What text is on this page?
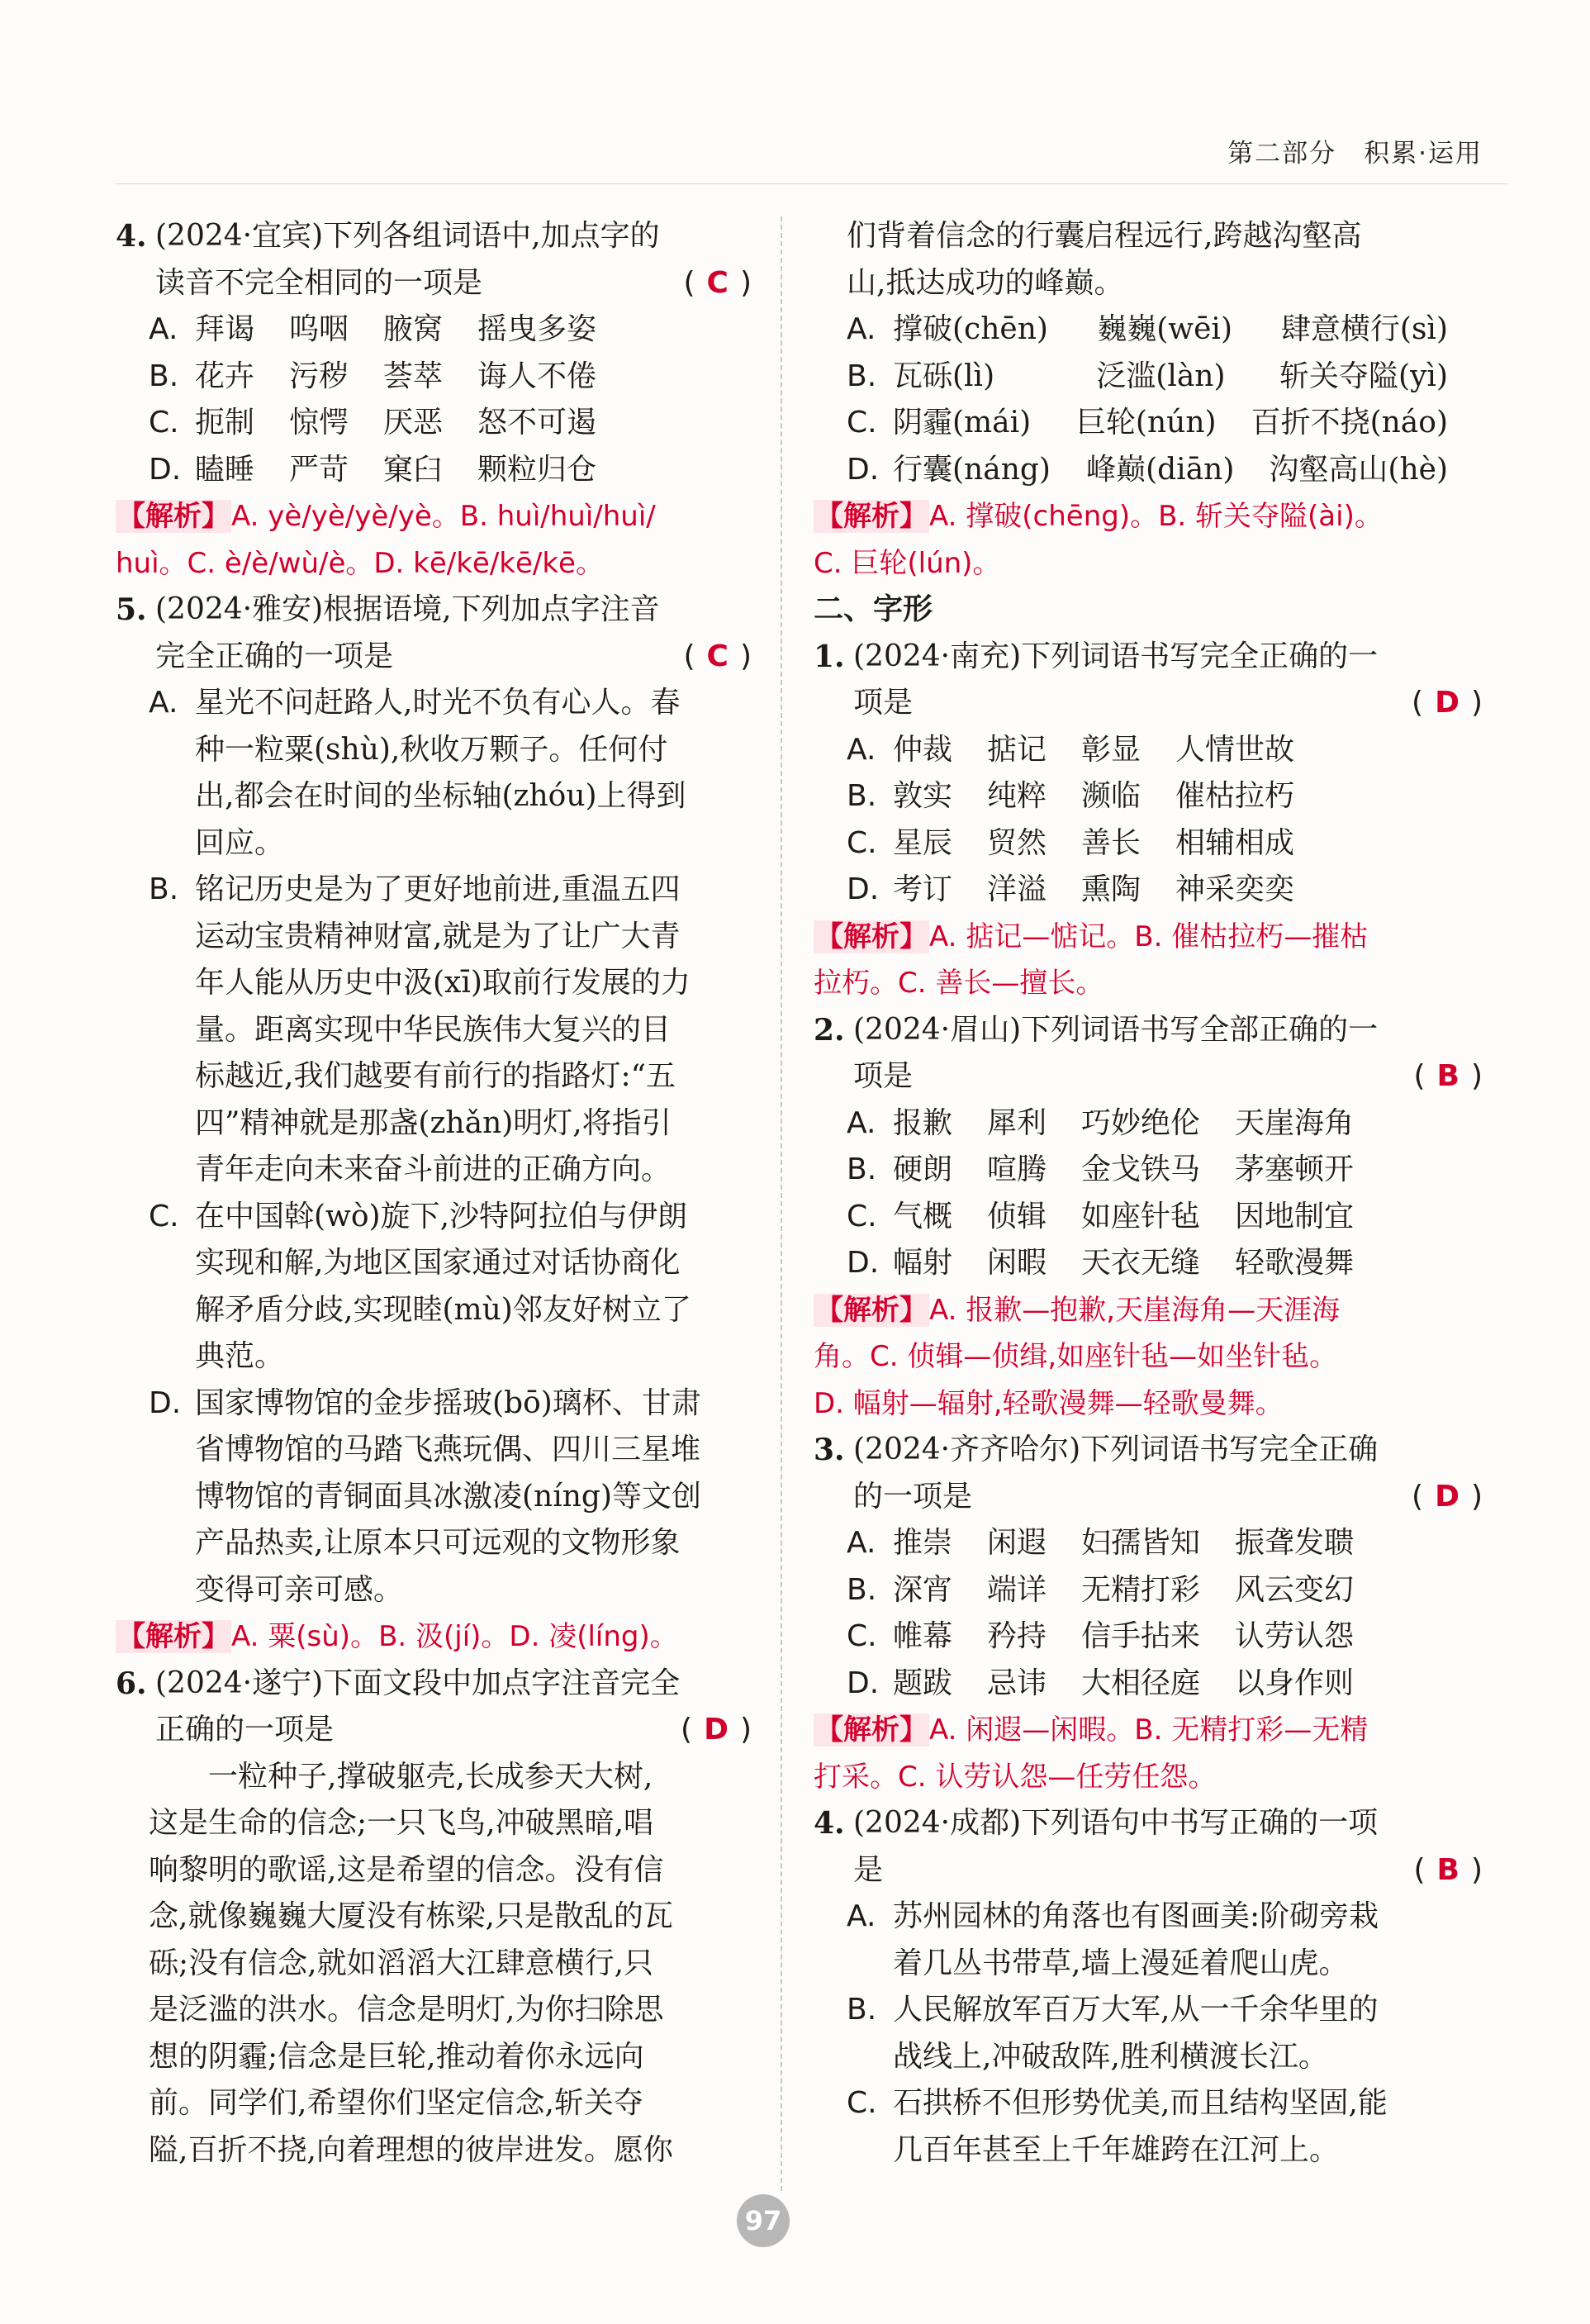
第二部分　积累·运用
4. (2024·宜宾)下列各组词语中,加点字的
读音不完全相同的一项是	( C )
A. 拜谒 呜咽 腋窝 摇曳多姿
B. 花卉 污秽 荟萃 诲人不倦
C. 扼制 惊愕 厌恶 怒不可遏
D. 瞌睡 严苛 窠臼 颗粒归仓
【解析】A. yè/yè/yè/yè。B. huì/huì/huì/
huì。C. è/è/wù/è。D. kē/kē/kē/kē。
5. (2024·雅安)根据语境,下列加点字注音
完全正确的一项是	( C )
A. 星光不问赶路人,时光不负有心人。春
种一粒粟(shù),秋收万颗子。任何付
出,都会在时间的坐标轴(zhóu)上得到
回应。
B. 铭记历史是为了更好地前进,重温五四
运动宝贵精神财富,就是为了让广大青
年人能从历史中汲(xī)取前行发展的力
量。距离实现中华民族伟大复兴的目
标越近,我们越要有前行的指路灯:“五
四”精神就是那盏(zhǎn)明灯,将指引
青年走向未来奋斗前进的正确方向。
C. 在中国斡(wò)旋下,沙特阿拉伯与伊朗
实现和解,为地区国家通过对话协商化
解矛盾分歧,实现睦(mù)邻友好树立了
典范。
D. 国家博物馆的金步摇玻(bō)璃杯、甘肃
省博物馆的马踏飞燕玩偶、四川三星堆
博物馆的青铜面具冰激凌(níng)等文创
产品热卖,让原本只可远观的文物形象
变得可亲可感。
【解析】A. 粟(sù)。B. 汲(jí)。D. 凌(líng)。
6. (2024·遂宁)下面文段中加点字注音完全
正确的一项是	( D )
一粒种子,撑破躯壳,长成参天大树,
这是生命的信念;一只飞鸟,冲破黑暗,唱
响黎明的歌谣,这是希望的信念。没有信
念,就像巍巍大厦没有栋梁,只是散乱的瓦
砾;没有信念,就如滔滔大江肆意横行,只
是泛滥的洪水。信念是明灯,为你扫除思
想的阴霾;信念是巨轮,推动着你永远向
前。同学们,希望你们坚定信念,斩关夺
隘,百折不挠,向着理想的彼岸进发。愿你
们背着信念的行囊启程远行,跨越沟壑高
山,抵达成功的峰巅。
A. 撑破(chēn)	巍巍(wēi)	肆意横行(sì)
B. 瓦砾(lì)	泛滥(làn)	斩关夺隘(yì)
C. 阴霾(mái)	巨轮(nún) 百折不挠(náo)
D. 行囊(náng) 峰巅(diān) 沟壑高山(hè)
【解析】A. 撑破(chēng)。B. 斩关夺隘(ài)。
C. 巨轮(lún)。
二、字形
1. (2024·南充)下列词语书写完全正确的一
项是	( D )
A. 仲裁 掂记 彰显 人情世故
B. 敦实 纯粹 濒临 催枯拉朽
C. 星辰 贸然 善长 相辅相成
D. 考订 洋溢 熏陶 神采奕奕
【解析】A. 掂记—惦记。B. 催枯拉朽—摧枯
拉朽。C. 善长—擅长。
2. (2024·眉山)下列词语书写全部正确的一
项是	( B )
A. 报歉 犀利 巧妙绝伦 天崖海角
B. 硬朗 喧腾 金戈铁马 茅塞顿开
C. 气概 侦辑 如座针毡 因地制宜
D. 幅射 闲暇 天衣无缝 轻歌漫舞
【解析】A. 报歉—抱歉,天崖海角—天涯海
角。C. 侦辑—侦缉,如座针毡—如坐针毡。
D. 幅射—辐射,轻歌漫舞—轻歌曼舞。
3. (2024·齐齐哈尔)下列词语书写完全正确
的一项是	( D )
A. 推崇 闲遐 妇孺皆知 振聋发聩
B. 深宵 端详 无精打彩 风云变幻
C. 帷幕 矜持 信手拈来 认劳认怨
D. 题跋 忌讳 大相径庭 以身作则
【解析】A. 闲遐—闲暇。B. 无精打彩—无精
打采。C. 认劳认怨—任劳任怨。
4. (2024·成都)下列语句中书写正确的一项
是	( B )
A. 苏州园林的角落也有图画美:阶砌旁栽
着几丛书带草,墙上漫延着爬山虎。
B. 人民解放军百万大军,从一千余华里的
战线上,冲破敌阵,胜利横渡长江。
C. 石拱桥不但形势优美,而且结构坚固,能
几百年甚至上千年雄跨在江河上。
97
